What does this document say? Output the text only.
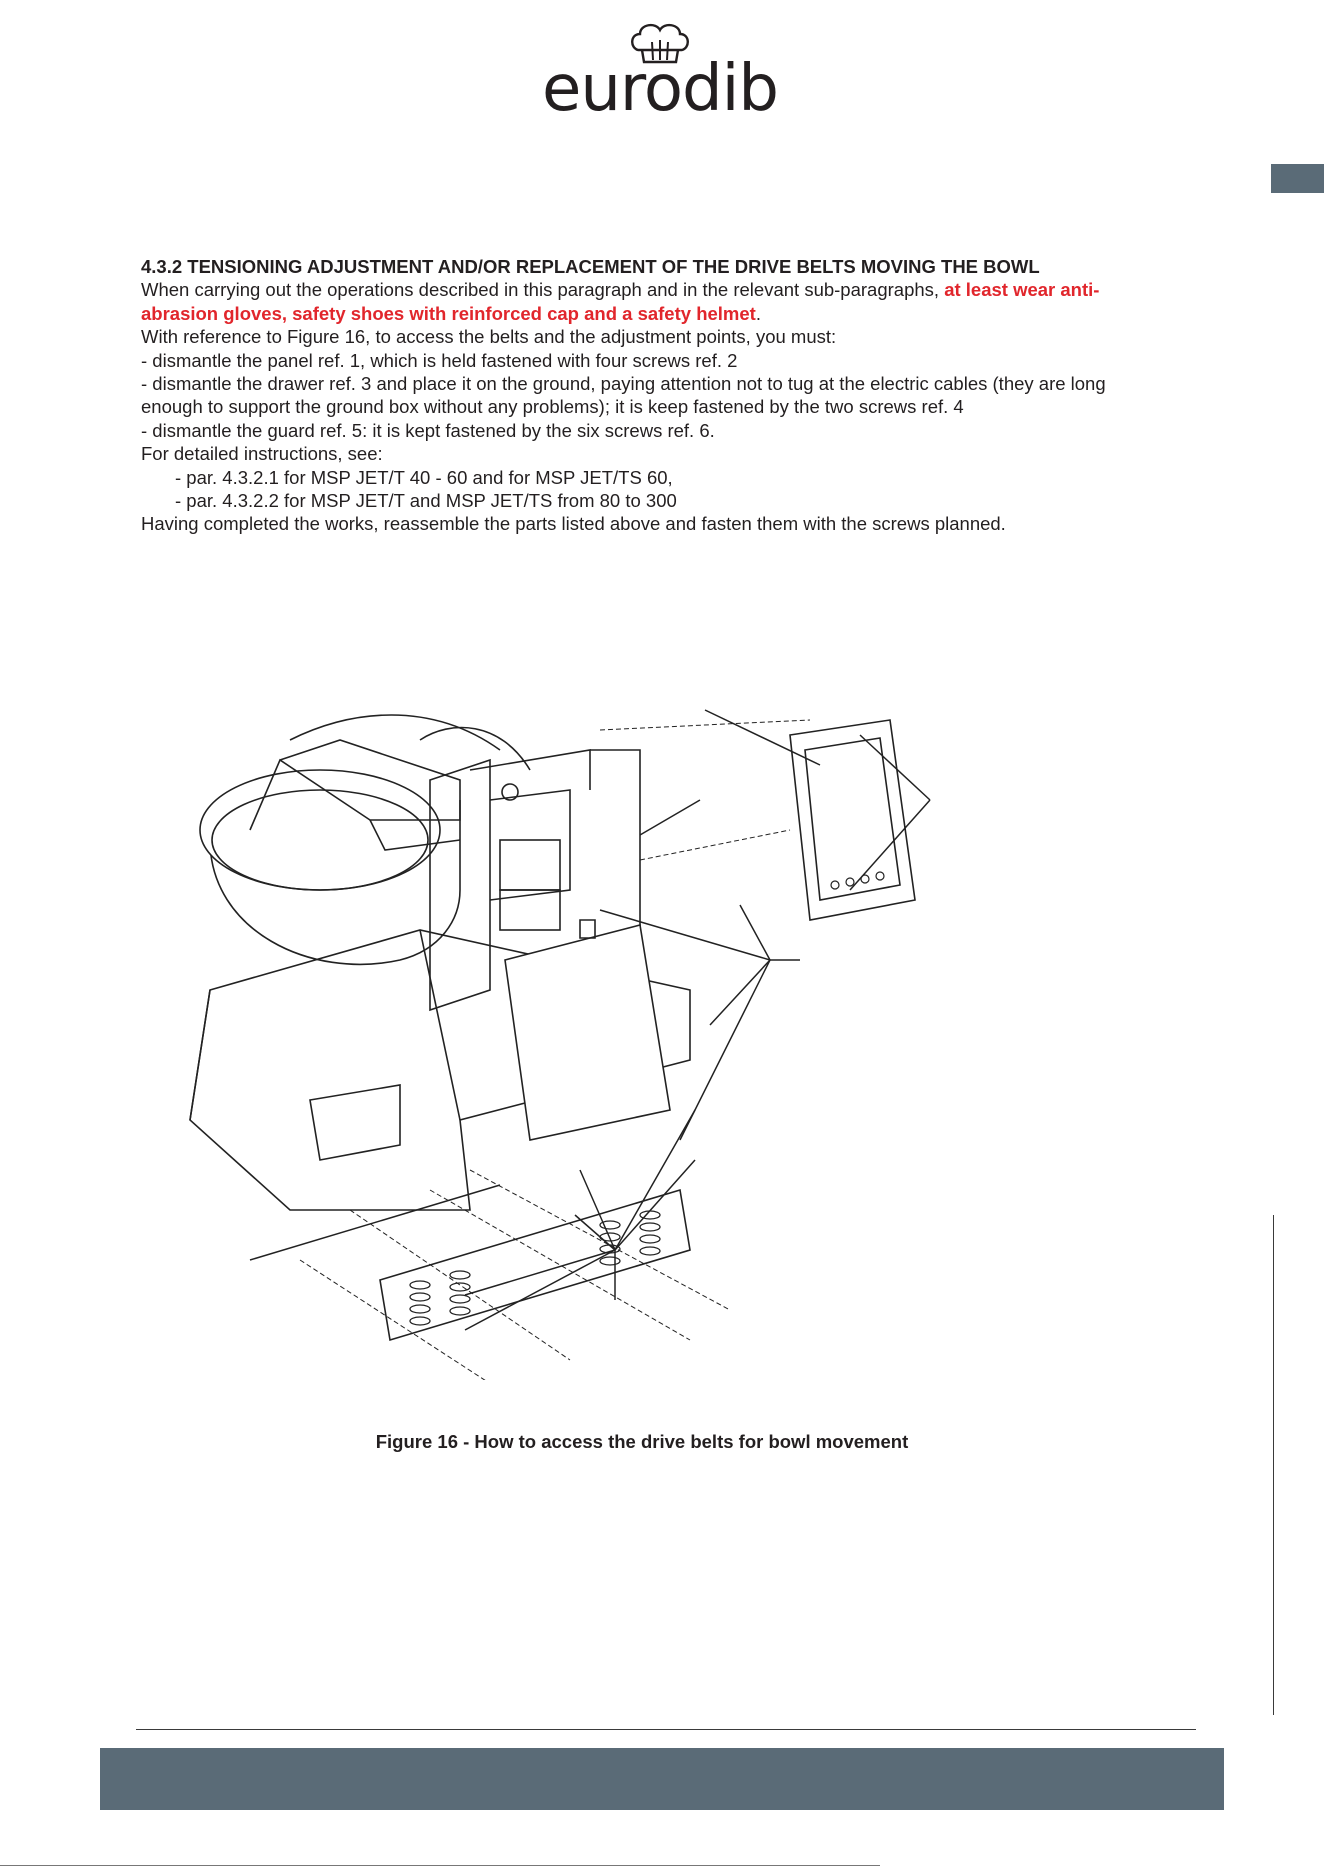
eurodib

4.3.2 TENSIONING ADJUSTMENT AND/OR REPLACEMENT OF THE DRIVE BELTS MOVING THE BOWL

When carrying out the operations described in this paragraph and in the relevant sub-paragraphs, at least wear anti-abrasion gloves, safety shoes with reinforced cap and a safety helmet.

With reference to Figure 16, to access the belts and the adjustment points, you must:

- dismantle the panel ref. 1, which is held fastened with four screws ref. 2

- dismantle the drawer ref. 3 and place it on the ground, paying attention not to tug at the electric cables (they are long enough to support the ground box without any problems); it is keep fastened by the two screws ref. 4

- dismantle the guard ref. 5: it is kept fastened by the six screws ref. 6.

For detailed instructions, see:

- par. 4.3.2.1 for MSP JET/T 40 - 60 and for MSP JET/TS 60,

- par. 4.3.2.2 for MSP JET/T and MSP JET/TS from 80 to 300

Having completed the works, reassemble the parts listed above and fasten them with the screws planned.

Figure 16 - How to access the drive belts for bowl movement
